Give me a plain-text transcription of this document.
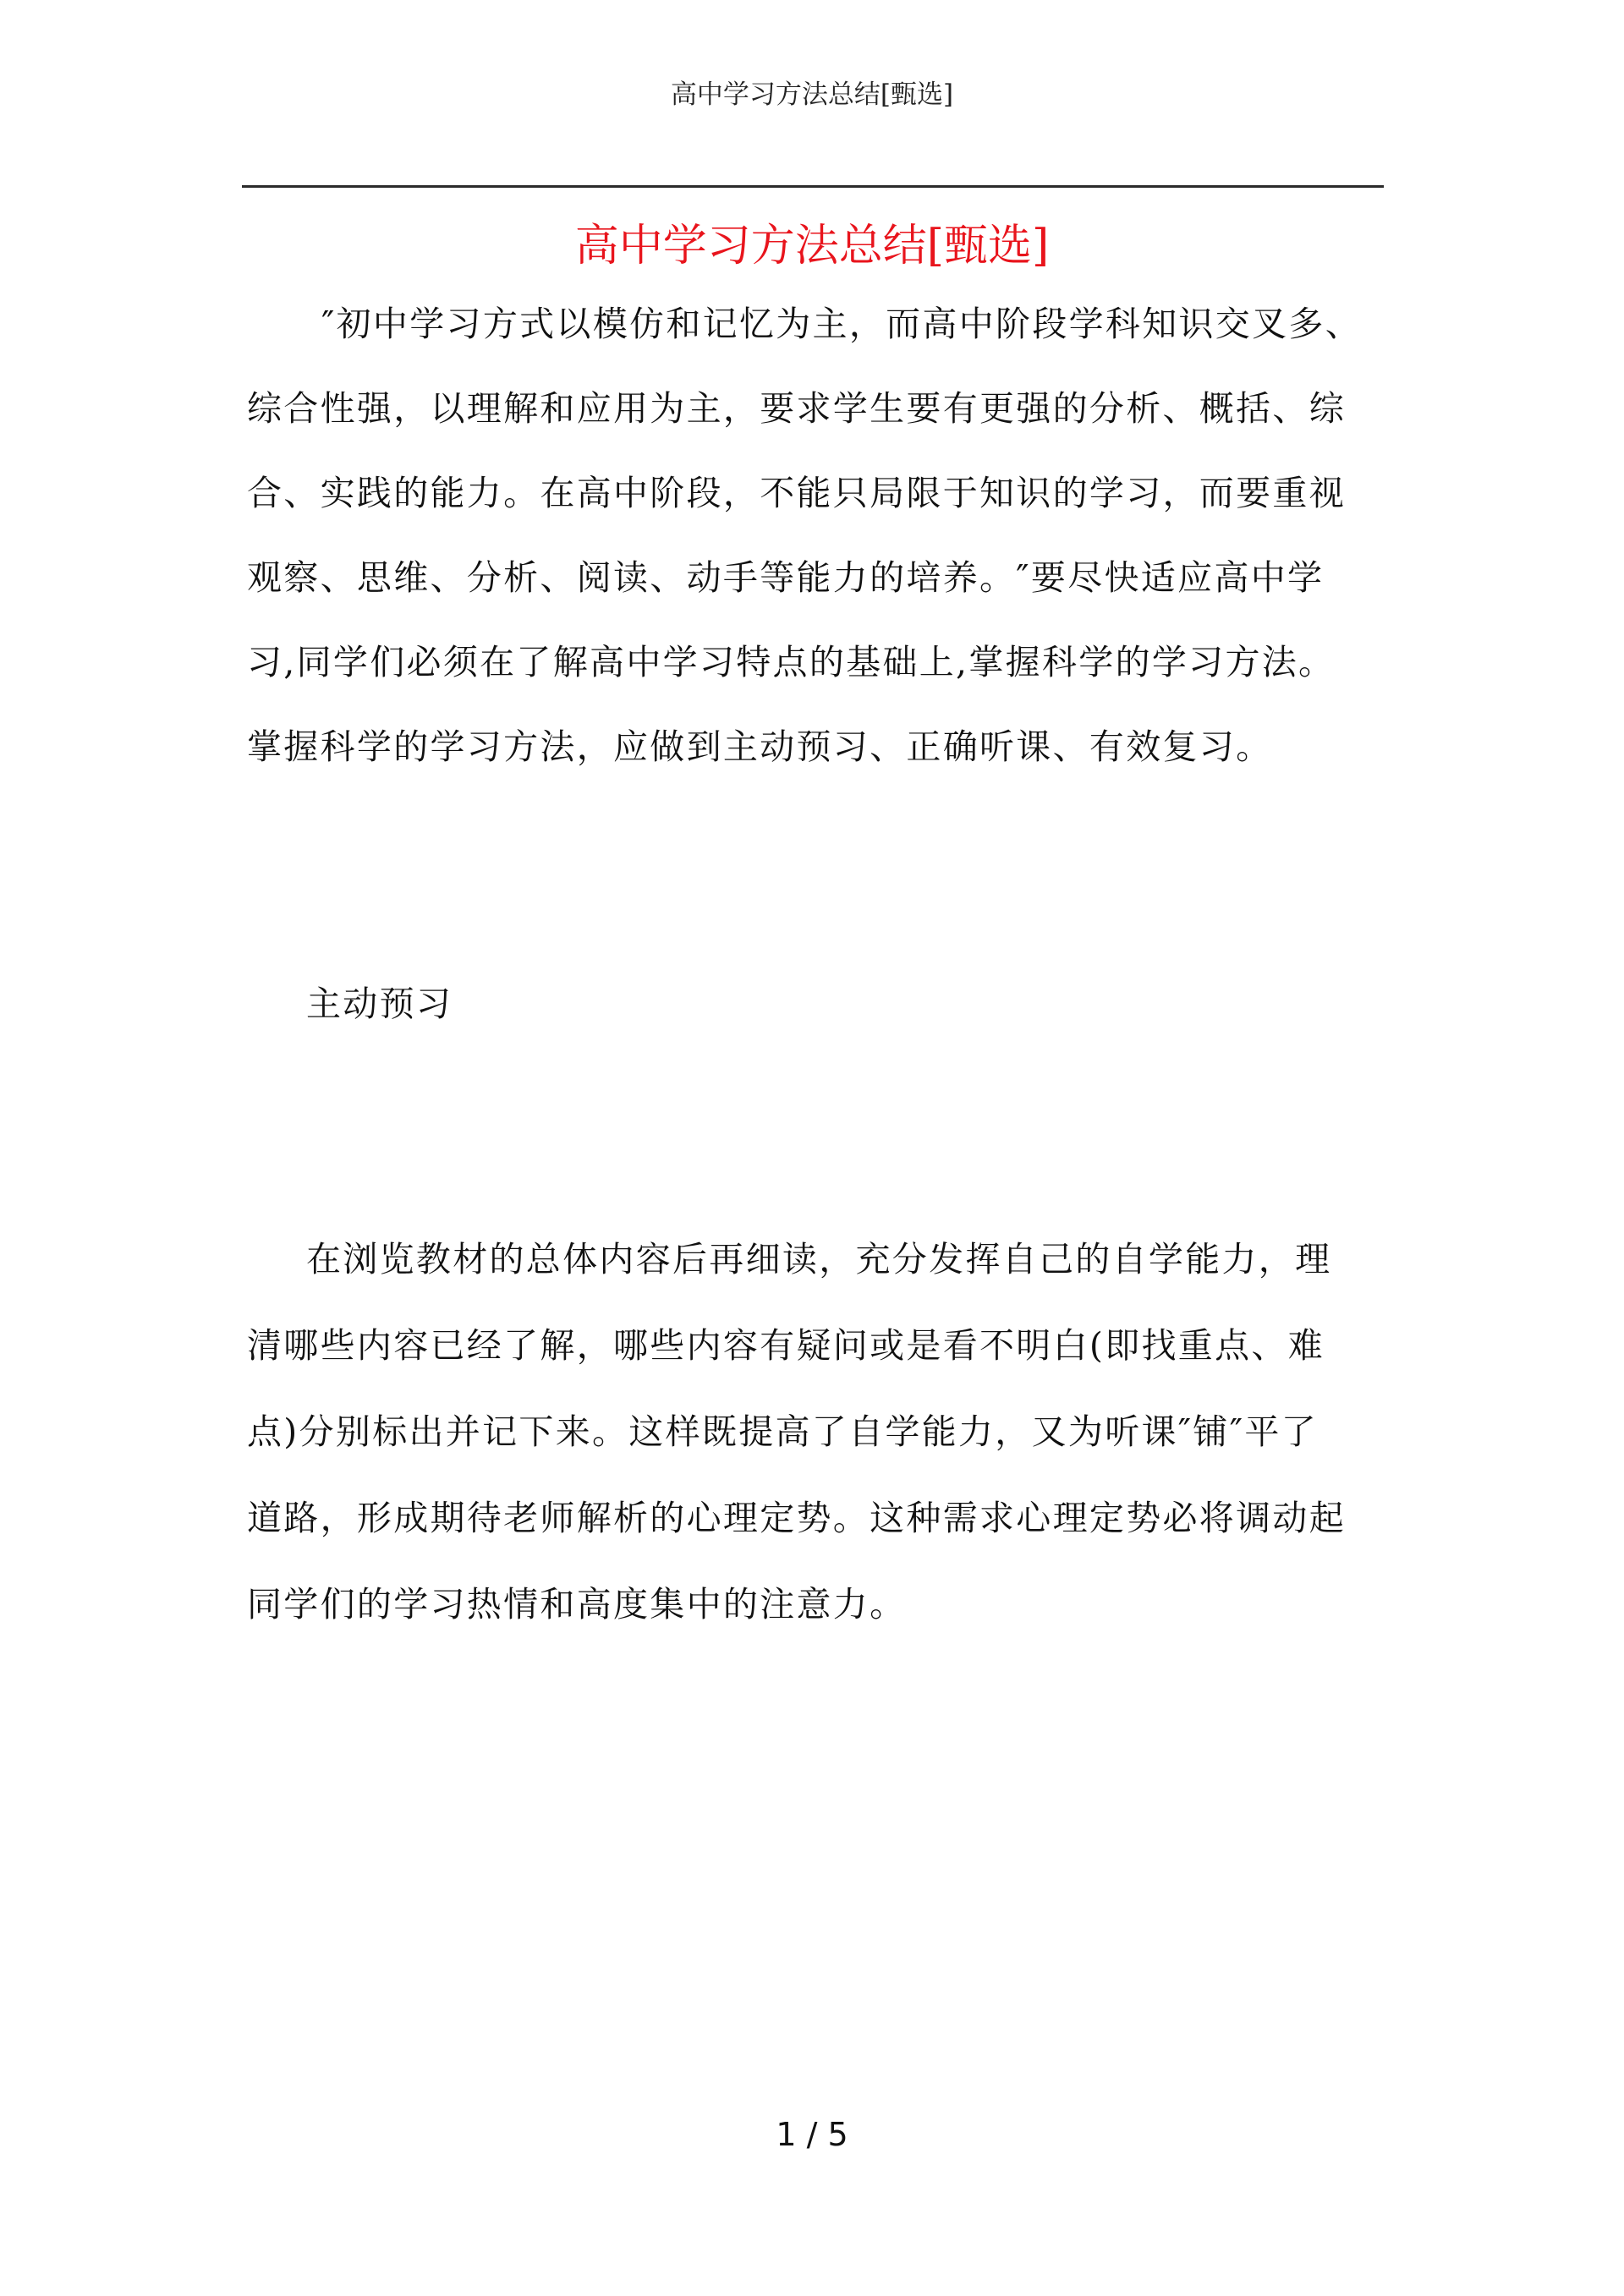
高中学习方法总结[甄选]
高中学习方法总结[甄选]
″初中学习方式以模仿和记忆为主，而高中阶段学科知识交叉多、
综合性强，以理解和应用为主，要求学生要有更强的分析、概括、综
合、实践的能力。在高中阶段，不能只局限于知识的学习，而要重视
观察、思维、分析、阅读、动手等能力的培养。″要尽快适应高中学
习,同学们必须在了解高中学习特点的基础上,掌握科学的学习方法。
掌握科学的学习方法，应做到主动预习、正确听课、有效复习。
主动预习
在浏览教材的总体内容后再细读，充分发挥自己的自学能力，理
清哪些内容已经了解，哪些内容有疑问或是看不明白(即找重点、难
点)分别标出并记下来。这样既提高了自学能力，又为听课″铺″平了
道路，形成期待老师解析的心理定势。这种需求心理定势必将调动起
同学们的学习热情和高度集中的注意力。
1 / 5
